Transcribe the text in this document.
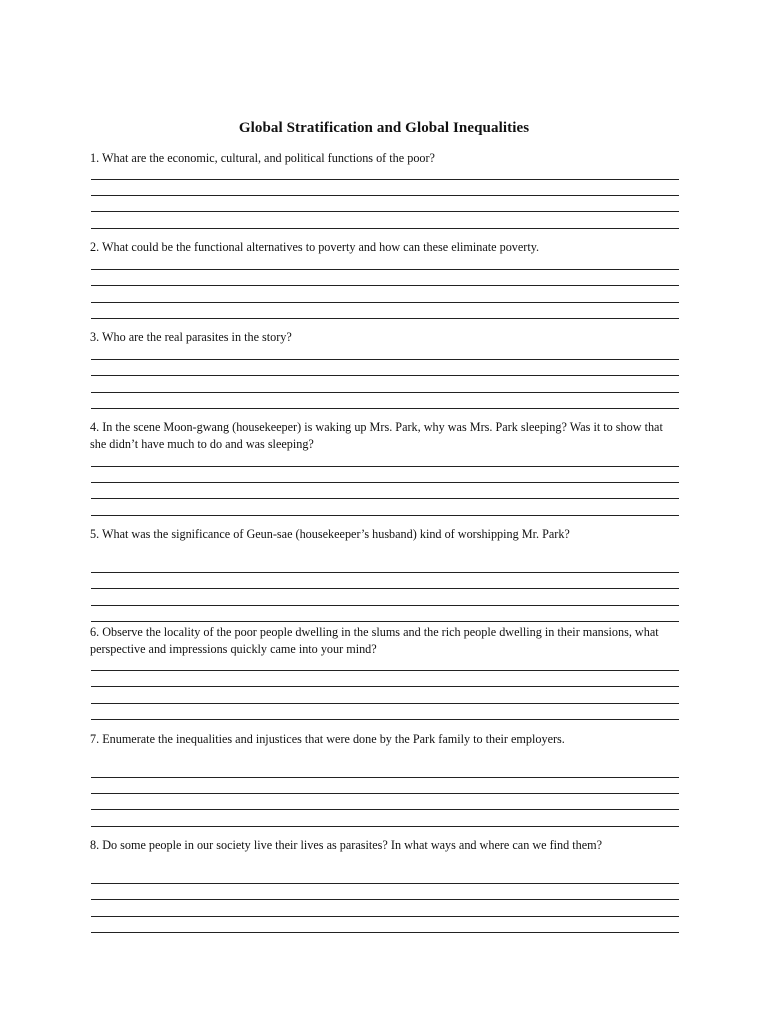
Global Stratification and Global Inequalities
1. What are the economic, cultural, and political functions of the poor?
2. What could be the functional alternatives to poverty and how can these eliminate poverty.
3. Who are the real parasites in the story?
4. In the scene Moon-gwang (housekeeper) is waking up Mrs. Park, why was Mrs. Park sleeping? Was it to show that she didn’t have much to do and was sleeping?
5. What was the significance of Geun-sae (housekeeper’s husband) kind of worshipping Mr. Park?
6. Observe the locality of the poor people dwelling in the slums and the rich people dwelling in their mansions, what perspective and impressions quickly came into your mind?
7. Enumerate the inequalities and injustices that were done by the Park family to their employers.
8. Do some people in our society live their lives as parasites? In what ways and where can we find them?
